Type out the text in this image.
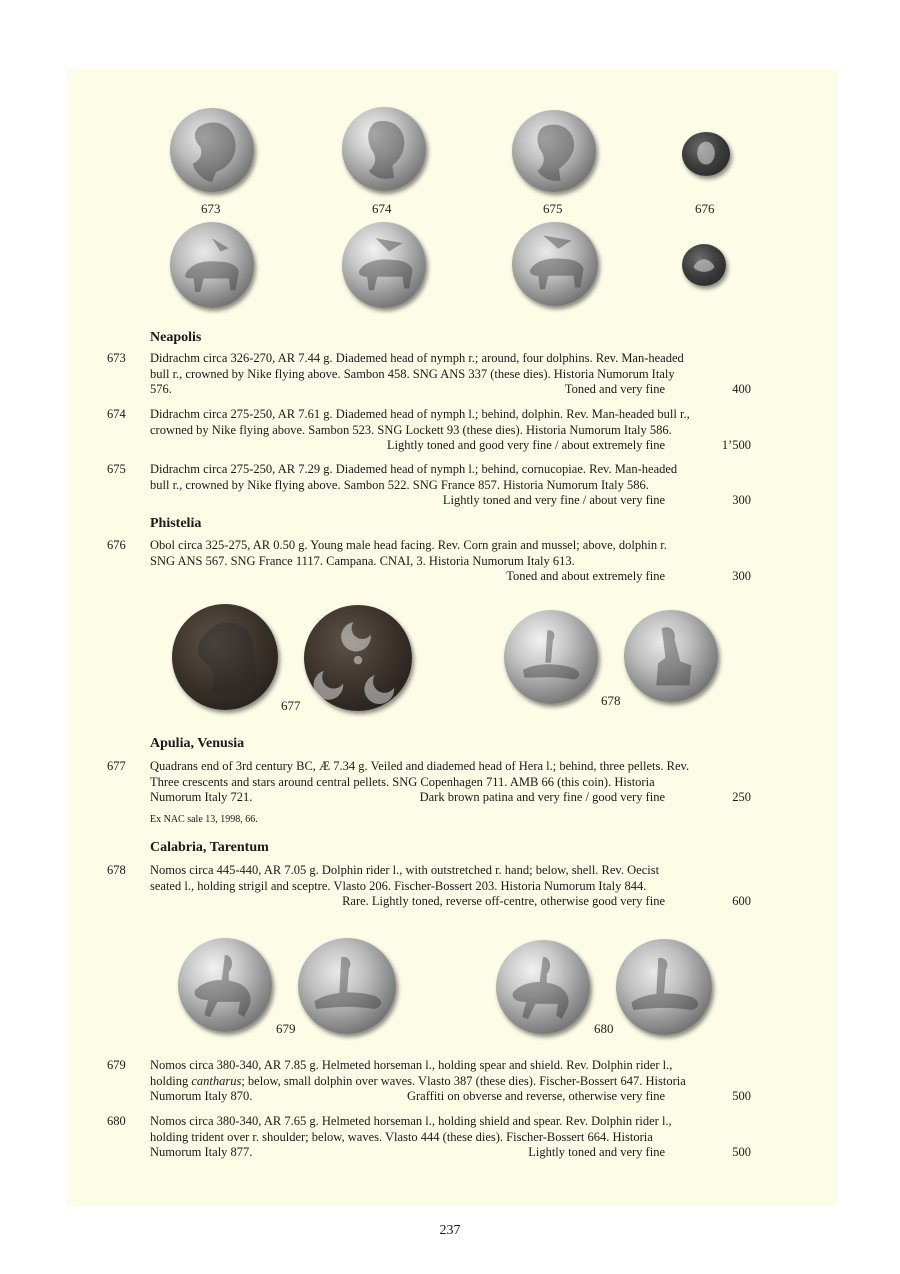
673	674	675	676
Neapolis
673 Didrachm circa 326-270, AR 7.44 g. Diademed head of nymph r.; around, four dolphins. Rev. Man-headed
bull r., crowned by Nike flying above. Sambon 458. SNG ANS 337 (these dies). Historia Numorum Italy
576.	Toned and very fine	400
674 Didrachm circa 275-250, AR 7.61 g. Diademed head of nymph l.; behind, dolphin. Rev. Man-headed bull r.,
crowned by Nike flying above. Sambon 523. SNG Lockett 93 (these dies). Historia Numorum Italy 586.
Lightly toned and good very fine / about extremely fine	1’500
675 Didrachm circa 275-250, AR 7.29 g. Diademed head of nymph l.; behind, cornucopiae. Rev. Man-headed
bull r., crowned by Nike flying above. Sambon 522. SNG France 857. Historia Numorum Italy 586.
Lightly toned and very fine / about very fine	300
Phistelia
676 Obol circa 325-275, AR 0.50 g. Young male head facing. Rev. Corn grain and mussel; above, dolphin r.
SNG ANS 567. SNG France 1117. Campana. CNAI, 3. Historia Numorum Italy 613.
Toned and about extremely fine	300
677	678
Apulia, Venusia
677 Quadrans end of 3rd century BC, Æ 7.34 g. Veiled and diademed head of Hera l.; behind, three pellets. Rev.
Three crescents and stars around central pellets. SNG Copenhagen 711. AMB 66 (this coin). Historia
Numorum Italy 721.	Dark brown patina and very fine / good very fine	250
Ex NAC sale 13, 1998, 66.
Calabria, Tarentum
678 Nomos circa 445-440, AR 7.05 g. Dolphin rider l., with outstretched r. hand; below, shell. Rev. Oecist
seated l., holding strigil and sceptre. Vlasto 206. Fischer-Bossert 203. Historia Numorum Italy 844.
Rare. Lightly toned, reverse off-centre, otherwise good very fine	600
679	680
679 Nomos circa 380-340, AR 7.85 g. Helmeted horseman l., holding spear and shield. Rev. Dolphin rider l.,
holding cantharus; below, small dolphin over waves. Vlasto 387 (these dies). Fischer-Bossert 647. Historia
Numorum Italy 870.	Graffiti on obverse and reverse, otherwise very fine	500
680 Nomos circa 380-340, AR 7.65 g. Helmeted horseman l., holding shield and spear. Rev. Dolphin rider l.,
holding trident over r. shoulder; below, waves. Vlasto 444 (these dies). Fischer-Bossert 664. Historia
Numorum Italy 877.	Lightly toned and very fine	500
237
